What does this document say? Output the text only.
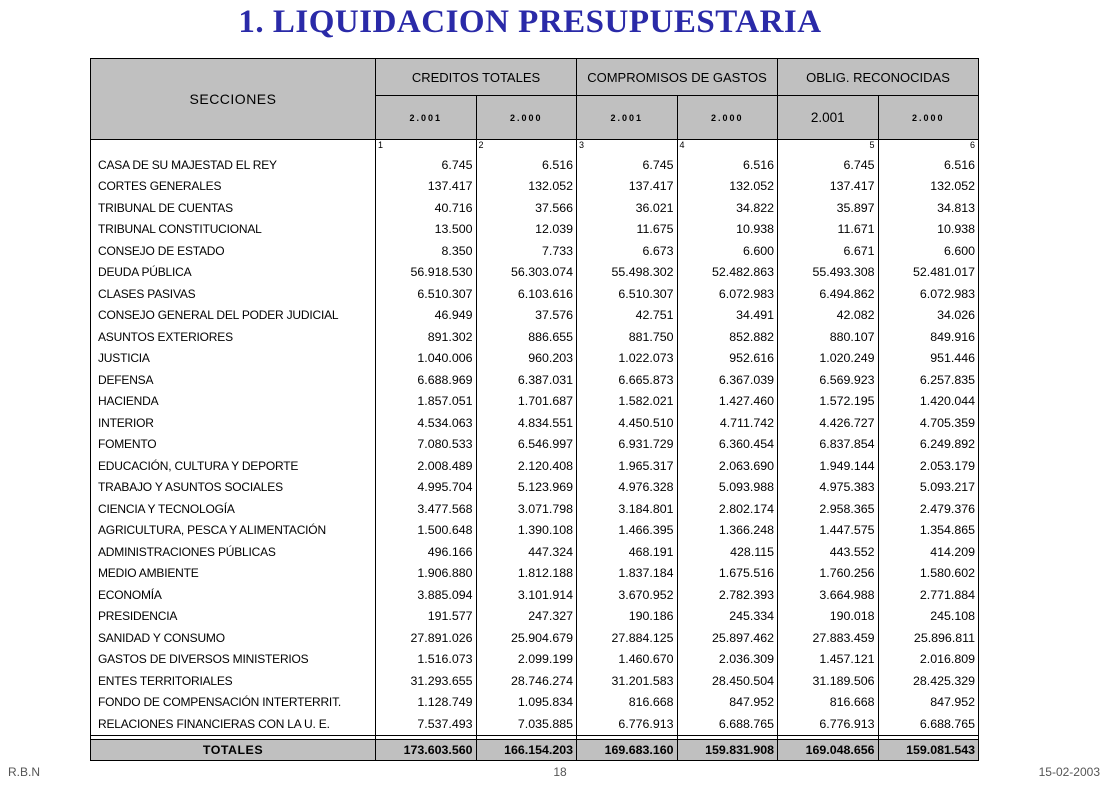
1. LIQUIDACION PRESUPUESTARIA
SECCIONES	CREDITOS TOTALES		COMPROMISOS DE GASTOS		OBLIG. RECONOCIDAS	
	2.001	2.000	2.001	2.000	2.001	2.000
	1	2	3	4	5	6
CASA DE SU MAJESTAD EL REY	6.745	6.516	6.745	6.516	6.745	6.516
CORTES GENERALES	137.417	132.052	137.417	132.052	137.417	132.052
TRIBUNAL DE CUENTAS	40.716	37.566	36.021	34.822	35.897	34.813
TRIBUNAL CONSTITUCIONAL	13.500	12.039	11.675	10.938	11.671	10.938
CONSEJO DE ESTADO	8.350	7.733	6.673	6.600	6.671	6.600
DEUDA PÚBLICA	56.918.530	56.303.074	55.498.302	52.482.863	55.493.308	52.481.017
CLASES PASIVAS	6.510.307	6.103.616	6.510.307	6.072.983	6.494.862	6.072.983
CONSEJO GENERAL DEL PODER JUDICIAL	46.949	37.576	42.751	34.491	42.082	34.026
ASUNTOS EXTERIORES	891.302	886.655	881.750	852.882	880.107	849.916
JUSTICIA	1.040.006	960.203	1.022.073	952.616	1.020.249	951.446
DEFENSA	6.688.969	6.387.031	6.665.873	6.367.039	6.569.923	6.257.835
HACIENDA	1.857.051	1.701.687	1.582.021	1.427.460	1.572.195	1.420.044
INTERIOR	4.534.063	4.834.551	4.450.510	4.711.742	4.426.727	4.705.359
FOMENTO	7.080.533	6.546.997	6.931.729	6.360.454	6.837.854	6.249.892
EDUCACIÓN, CULTURA Y DEPORTE	2.008.489	2.120.408	1.965.317	2.063.690	1.949.144	2.053.179
TRABAJO Y ASUNTOS SOCIALES	4.995.704	5.123.969	4.976.328	5.093.988	4.975.383	5.093.217
CIENCIA Y TECNOLOGÍA	3.477.568	3.071.798	3.184.801	2.802.174	2.958.365	2.479.376
AGRICULTURA, PESCA Y ALIMENTACIÓN	1.500.648	1.390.108	1.466.395	1.366.248	1.447.575	1.354.865
ADMINISTRACIONES PÚBLICAS	496.166	447.324	468.191	428.115	443.552	414.209
MEDIO AMBIENTE	1.906.880	1.812.188	1.837.184	1.675.516	1.760.256	1.580.602
ECONOMÍA	3.885.094	3.101.914	3.670.952	2.782.393	3.664.988	2.771.884
PRESIDENCIA	191.577	247.327	190.186	245.334	190.018	245.108
SANIDAD Y CONSUMO	27.891.026	25.904.679	27.884.125	25.897.462	27.883.459	25.896.811
GASTOS DE DIVERSOS MINISTERIOS	1.516.073	2.099.199	1.460.670	2.036.309	1.457.121	2.016.809
ENTES TERRITORIALES	31.293.655	28.746.274	31.201.583	28.450.504	31.189.506	28.425.329
FONDO DE COMPENSACIÓN INTERTERRIT.	1.128.749	1.095.834	816.668	847.952	816.668	847.952
RELACIONES FINANCIERAS CON LA U. E.	7.537.493	7.035.885	6.776.913	6.688.765	6.776.913	6.688.765

TOTALES	173.603.560	166.154.203	169.683.160	159.831.908	169.048.656	159.081.543
R.B.N	18	15-02-2003
